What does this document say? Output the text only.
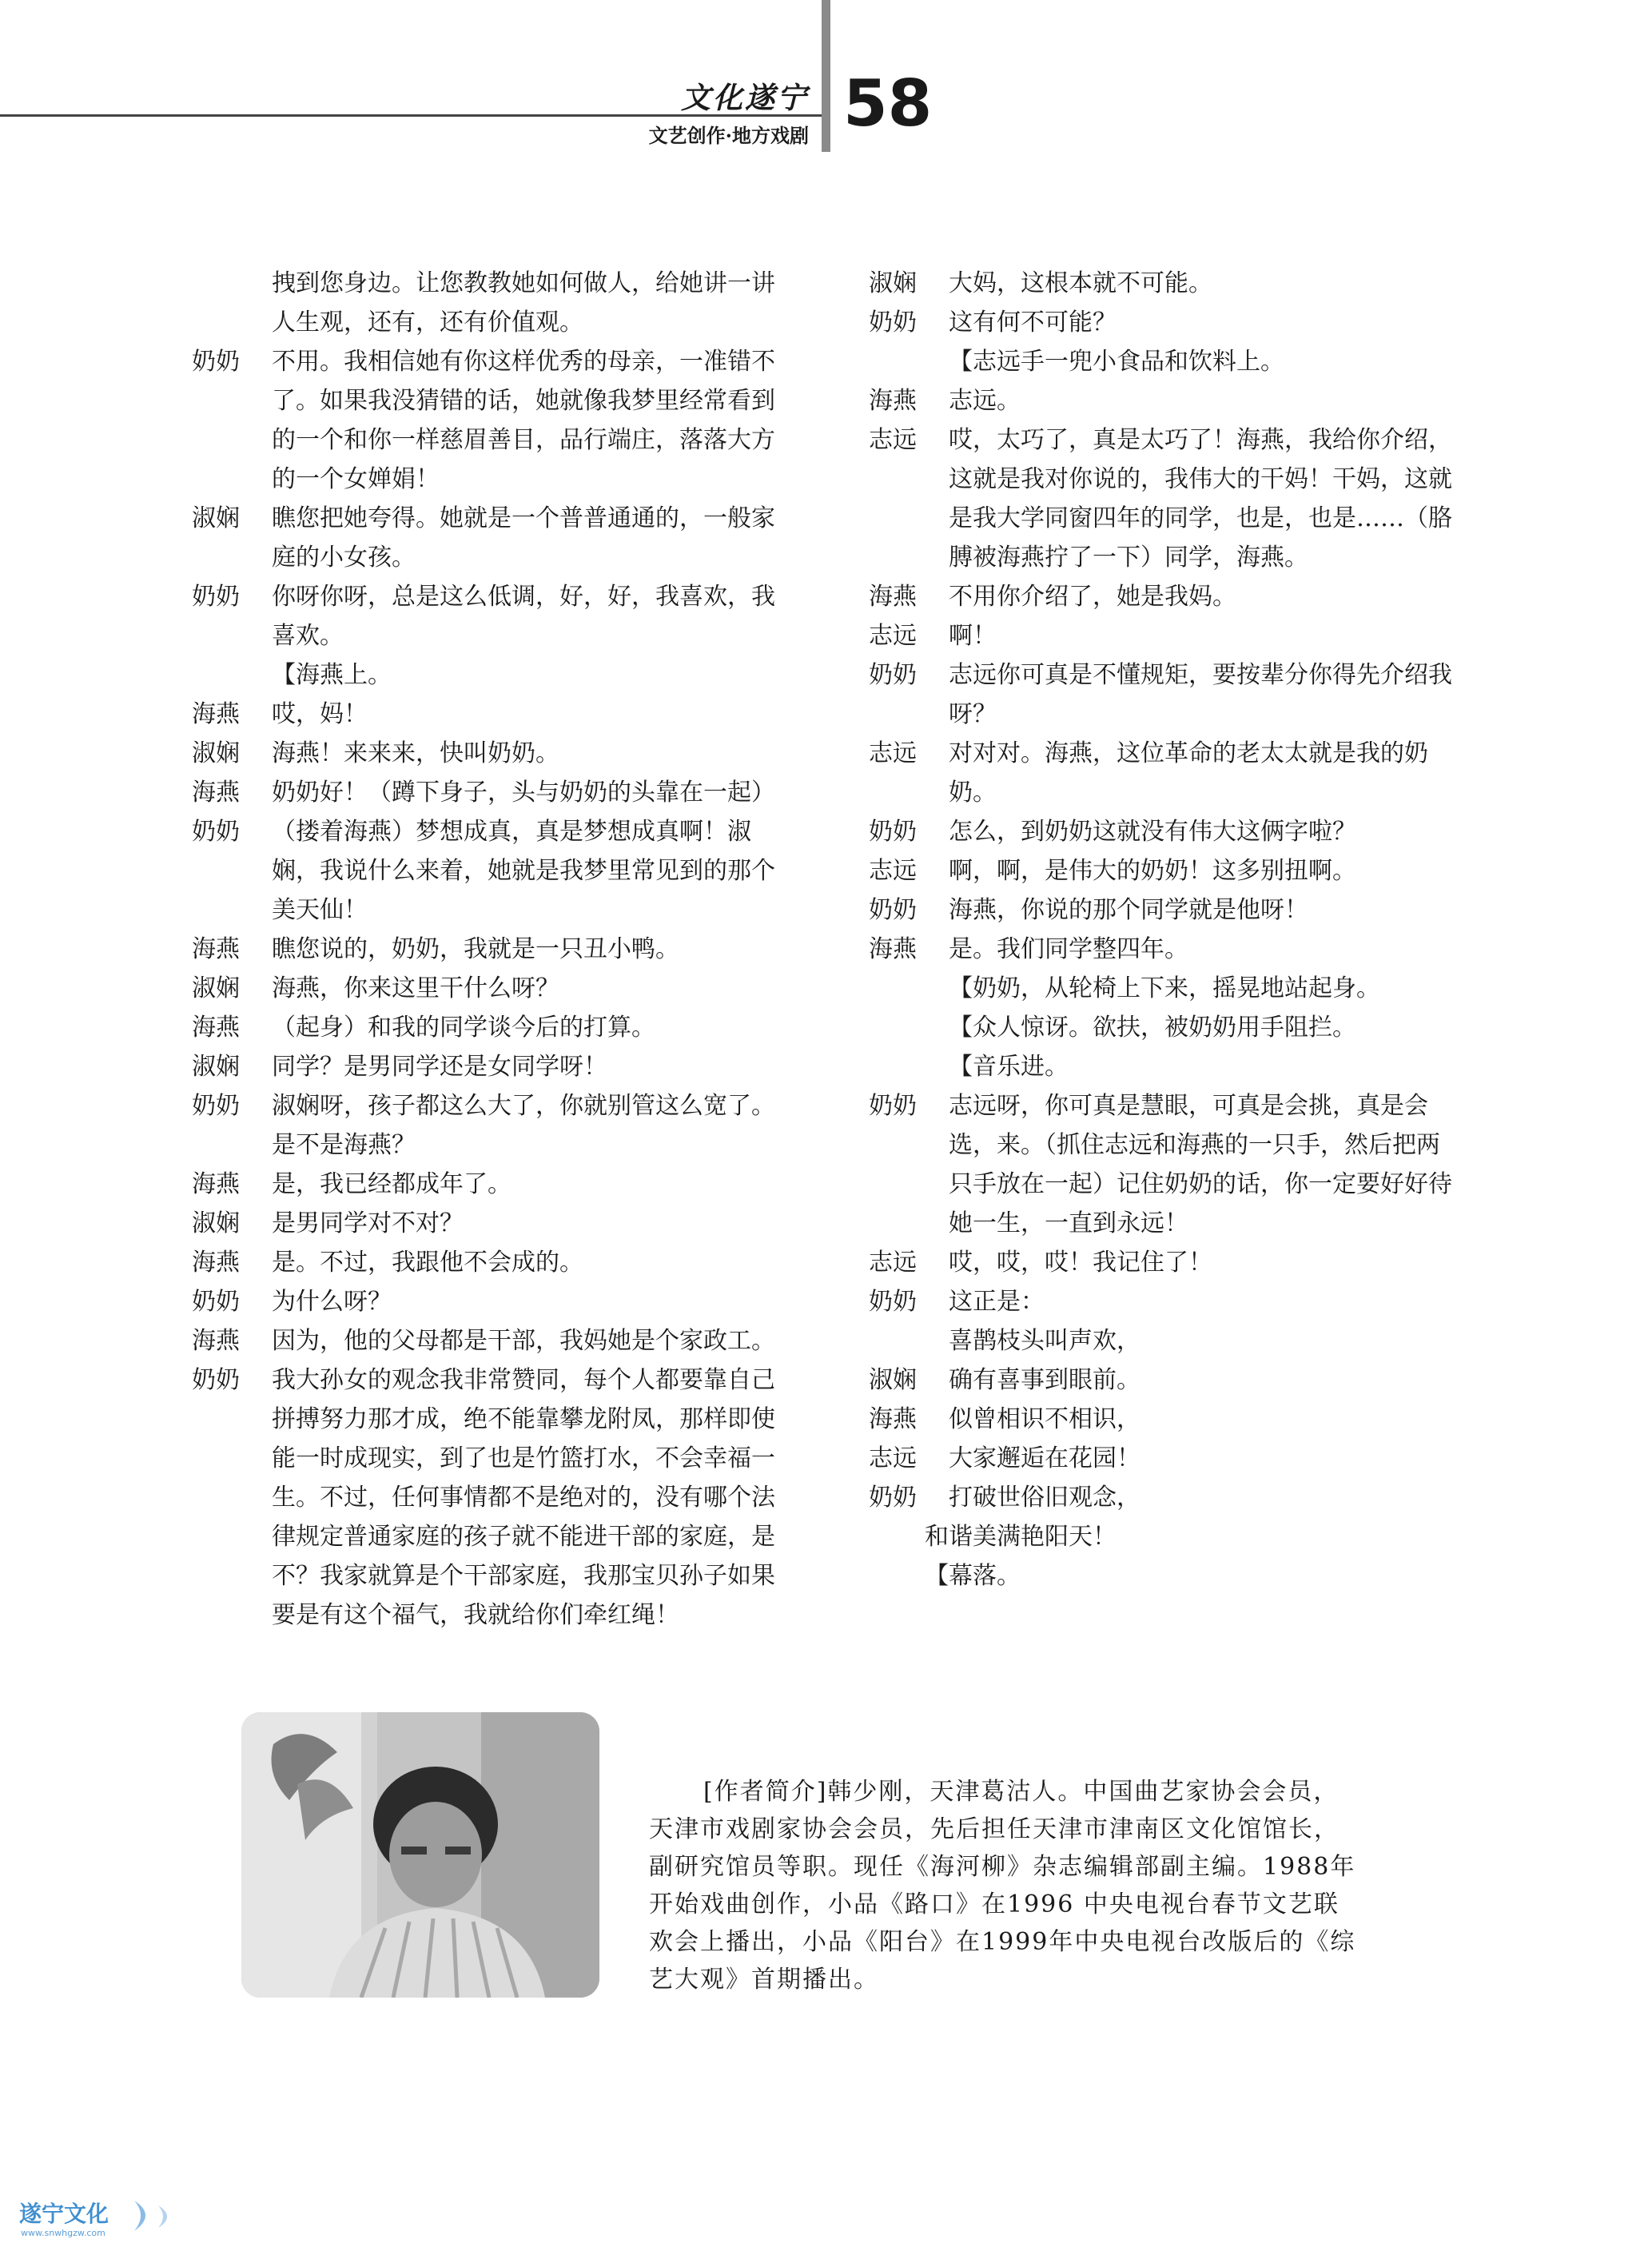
文化遂宁
文艺创作·地方戏剧 58
拽到您身边。让您教教她如何做人，给她讲一讲
人生观，还有，还有价值观。
奶奶 不用。我相信她有你这样优秀的母亲，一准错不
了。如果我没猜错的话，她就像我梦里经常看到
的一个和你一样慈眉善目，品行端庄，落落大方
的一个女婵娟！
淑娴 瞧您把她夸得。她就是一个普普通通的，一般家
庭的小女孩。
奶奶 你呀你呀，总是这么低调，好，好，我喜欢，我
喜欢。
【海燕上。
海燕 哎，妈！
淑娴 海燕！来来来，快叫奶奶。
海燕 奶奶好！（蹲下身子，头与奶奶的头靠在一起）
奶奶 （搂着海燕）梦想成真，真是梦想成真啊！淑
娴，我说什么来着，她就是我梦里常见到的那个
美天仙！
海燕 瞧您说的，奶奶，我就是一只丑小鸭。
淑娴 海燕，你来这里干什么呀？
海燕 （起身）和我的同学谈今后的打算。
淑娴 同学？是男同学还是女同学呀！
奶奶 淑娴呀，孩子都这么大了，你就别管这么宽了。
是不是海燕？
海燕 是，我已经都成年了。
淑娴 是男同学对不对？
海燕 是。不过，我跟他不会成的。
奶奶 为什么呀？
海燕 因为，他的父母都是干部，我妈她是个家政工。
奶奶 我大孙女的观念我非常赞同，每个人都要靠自己
拼搏努力那才成，绝不能靠攀龙附凤，那样即使
能一时成现实，到了也是竹篮打水，不会幸福一
生。不过，任何事情都不是绝对的，没有哪个法
律规定普通家庭的孩子就不能进干部的家庭，是
不？我家就算是个干部家庭，我那宝贝孙子如果
要是有这个福气，我就给你们牵红绳！
淑娴 大妈，这根本就不可能。
奶奶 这有何不可能？
【志远手一兜小食品和饮料上。
海燕 志远。
志远 哎，太巧了，真是太巧了！海燕，我给你介绍，
这就是我对你说的，我伟大的干妈！干妈，这就
是我大学同窗四年的同学，也是，也是……（胳
膊被海燕拧了一下）同学，海燕。
海燕 不用你介绍了，她是我妈。
志远 啊！
奶奶 志远你可真是不懂规矩，要按辈分你得先介绍我
呀？
志远 对对对。海燕，这位革命的老太太就是我的奶
奶。
奶奶 怎么，到奶奶这就没有伟大这俩字啦？
志远 啊，啊，是伟大的奶奶！这多别扭啊。
奶奶 海燕，你说的那个同学就是他呀！
海燕 是。我们同学整四年。
【奶奶，从轮椅上下来，摇晃地站起身。
【众人惊讶。欲扶，被奶奶用手阻拦。
【音乐进。
奶奶 志远呀，你可真是慧眼，可真是会挑，真是会
选，来。（抓住志远和海燕的一只手，然后把两
只手放在一起）记住奶奶的话，你一定要好好待
她一生，一直到永远！
志远 哎，哎，哎！我记住了！
奶奶 这正是：
喜鹊枝头叫声欢，
淑娴 确有喜事到眼前。
海燕 似曾相识不相识，
志远 大家邂逅在花园！
奶奶 打破世俗旧观念，
和谐美满艳阳天！
【幕落。
[作者简介]韩少刚，天津葛沽人。中国曲艺家协会会员，
天津市戏剧家协会会员，先后担任天津市津南区文化馆馆长，
副研究馆员等职。现任《海河柳》杂志编辑部副主编。1988年
开始戏曲创作，小品《路口》在1996 中央电视台春节文艺联
欢会上播出，小品《阳台》在1999年中央电视台改版后的《综
艺大观》首期播出。
遂宁文化
www.snwhgzw.com
